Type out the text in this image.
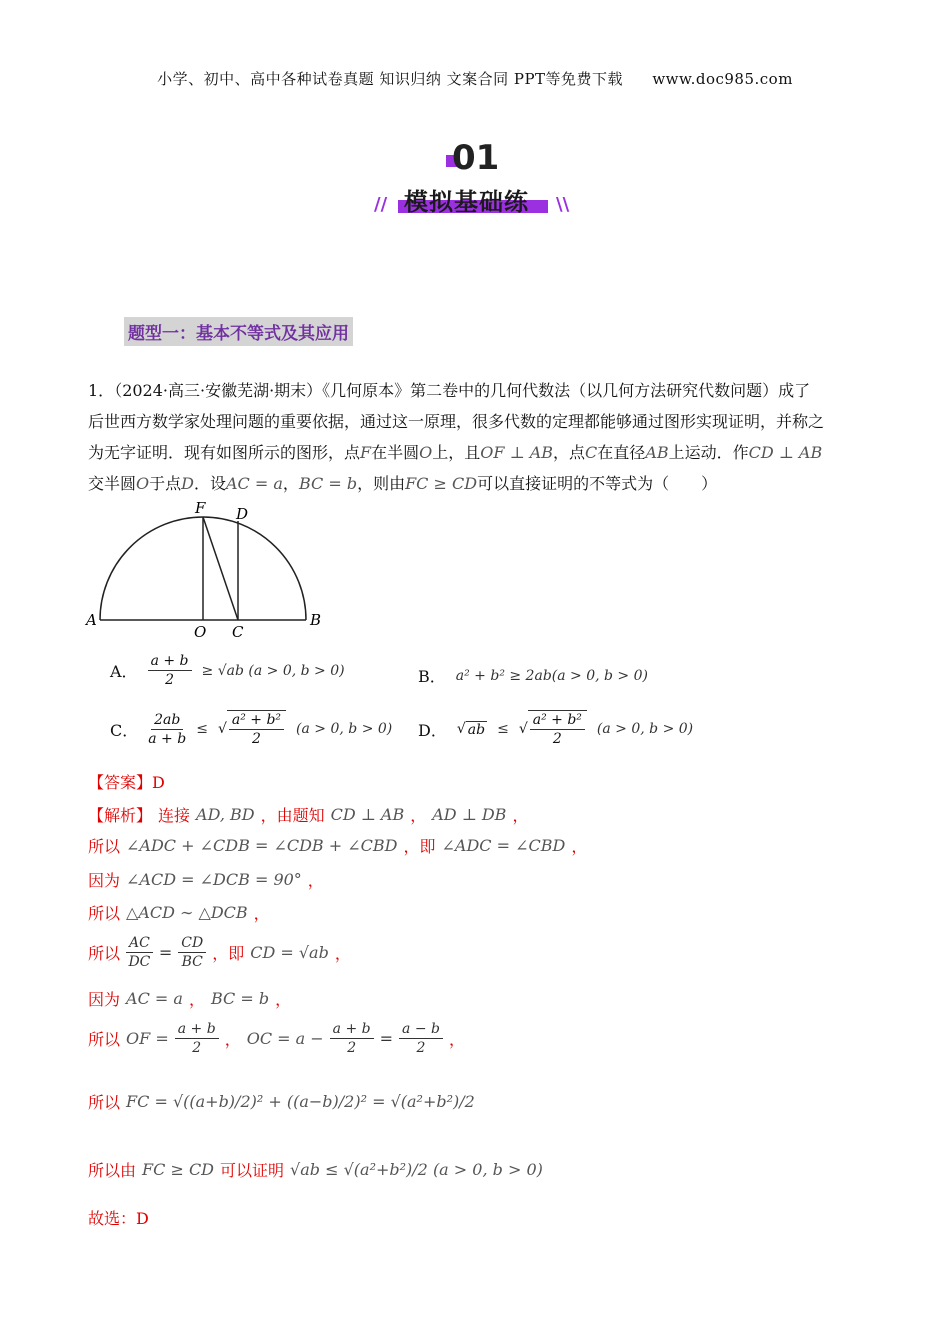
小学、初中、高中各种试卷真题 知识归纳 文案合同 PPT等免费下载 www.doc985.com
01
// 模拟基础练 \\
题型一：基本不等式及其应用

1．（2024·高三·安徽芜湖·期末）《几何原本》第二卷中的几何代数法（以几何方法研究代数问题）成了

后世西方数学家处理问题的重要依据，通过这一原理，很多代数的定理都能够通过图形实现证明，并称之

为无字证明．现有如图所示的图形，点F在半圆O上，且OF ⊥ AB，点C在直径AB上运动．作CD ⊥ AB

交半圆O于点D．设AC = a，BC = b，则由FC ≥ CD可以直接证明的不等式为（　　）

A	B
O C
F D
A． $\frac{a + b}{2} \ge √ab$ (a > 0, b > 0)	B． a² + b² ≥ 2ab(a > 0, b > 0)
C． $\frac{2ab}{a + b}$ ≤ √ $\frac{\text{a² + b²}}{2} (a > 0$, b > 0) D． √ ab ≤ √ $\frac{\text{a² + b²}}{2} (a > 0$, b > 0)
【答案】D
【解析】 连接 AD, BD ，由题知 CD ⊥ AB ， AD ⊥ DB ，
所以 ∠ADC + ∠CDB = ∠CDB + ∠CBD ，即 ∠ADC = ∠CBD ，
因为 ∠ACD = ∠DCB = 90° ，
所以 △ACD ∼ △DCB ，
所以 $\frac{AC}{DC} = \frac{CD}{BC}$ ，即 CD = √ab ，
因为 AC = a ， BC = b ，
所以 OF = $\frac{a + b}{2}$ ， OC = $a - \frac{a + b}{2} = \frac{a - b}{2}$ ，
所以 FC = √((a+b)/2)² + ((a−b)/2)² = √(a²+b²)/2
所以由 FC ≥ CD 可以证明 √ab ≤ √(a²+b²)/2 (a > 0, b > 0)
故选：D
